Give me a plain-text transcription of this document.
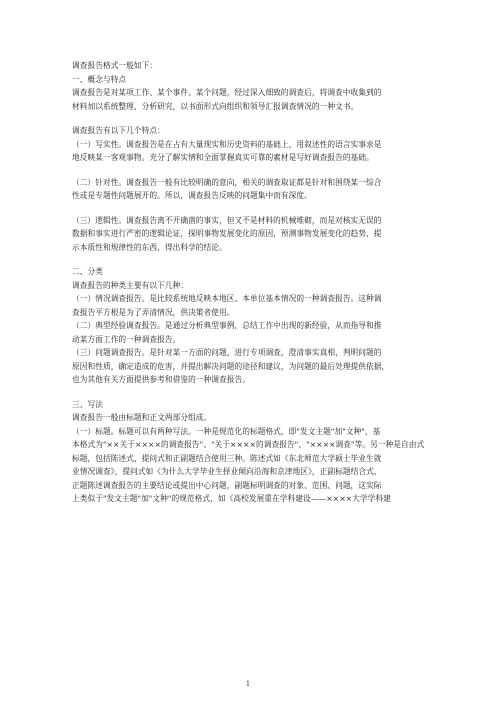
调查报告格式一般如下：
一、概念与特点
调查报告是对某项工作、某个事件、某个问题，经过深入细致的调查后，将调查中收集到的
材料加以系统整理，分析研究，以书面形式向组织和领导汇报调查情况的一种文书。
调查报告有以下几个特点：
（一）写实性。调查报告是在占有大量现实和历史资料的基础上，用叙述性的语言实事求是
地反映某一客观事物。充分了解实情和全面掌握真实可靠的素材是写好调查报告的基础。
（二）针对性。调查报告一般有比较明确的意向，相关的调查取证都是针对和围绕某一综合
性或是专题性问题展开的。所以，调查报告反映的问题集中而有深度。
（三）逻辑性。调查报告离不开确凿的事实，但又不是材料的机械堆砌，而是对核实无误的
数据和事实进行严密的逻辑论证，探明事物发展变化的原因，预测事物发展变化的趋势，提
示本质性和规律性的东西，得出科学的结论。
二、分类
调查报告的种类主要有以下几种：
（一）情况调查报告。是比较系统地反映本地区、本单位基本情况的一种调查报告。这种调
查报告平方根是为了弄清情况，供决策者使用。
（二）典型经验调查报告。是通过分析典型事例，总结工作中出现的新经验，从而指导和推
动某方面工作的一种调查报告。
（三）问题调查报告。是针对某一方面的问题，进行专项调查，澄清事实真相，判明问题的
原因和性质，确定造成的危害，并提出解决问题的途径和建议，为问题的最后处理提供依据，
也为其他有关方面提供参考和借鉴的一种调查报告。
三、写法
调查报告一般由标题和正文两部分组成。
（一）标题。标题可以有两种写法。一种是规范化的标题格式，即"发文主题"加"文种"，基
本格式为"××关于××××的调查报告"、"关于××××的调查报告"、"××××调查"等。另一种是自由式
标题，包括陈述式、提问式和正副题结合使用三种。陈述式如《东北师范大学硕士毕业生就
业情况调查》，提问式如《为什么大学毕业生择业倾向沿海和京津地区》，正副标题结合式，
正题陈述调查报告的主要结论或提出中心问题，副题标明调查的对象、范围、问题，这实际
上类似于"发文主题"加"文种"的规范格式，如《高校发展重在学科建设——××××大学学科建
1
